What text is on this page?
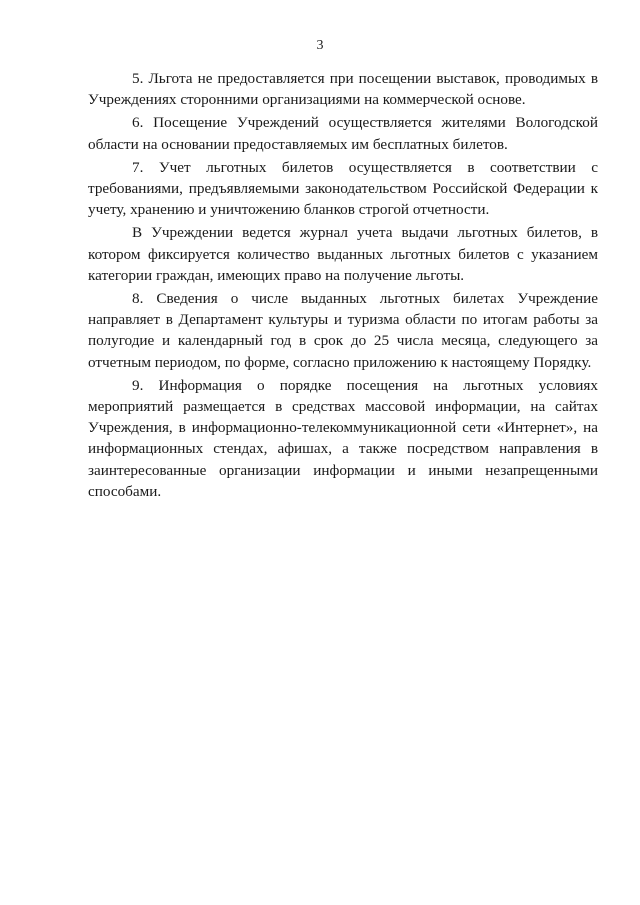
3

5. Льгота не предоставляется при посещении выставок, проводимых в Учреждениях сторонними организациями на коммерческой основе.

6. Посещение Учреждений осуществляется жителями Вологодской области на основании предоставляемых им бесплатных билетов.

7. Учет льготных билетов осуществляется в соответствии с требованиями, предъявляемыми законодательством Российской Федерации к учету, хранению и уничтожению бланков строгой отчетности.

В Учреждении ведется журнал учета выдачи льготных билетов, в котором фиксируется количество выданных льготных билетов с указанием категории граждан, имеющих право на получение льготы.

8. Сведения о числе выданных льготных билетах Учреждение направляет в Департамент культуры и туризма области по итогам работы за полугодие и календарный год в срок до 25 числа месяца, следующего за отчетным периодом, по форме, согласно приложению к настоящему Порядку.

9. Информация о порядке посещения на льготных условиях мероприятий размещается в средствах массовой информации, на сайтах Учреждения, в информационно-телекоммуникационной сети «Интернет», на информационных стендах, афишах, а также посредством направления в заинтересованные организации информации и иными незапрещенными способами.
